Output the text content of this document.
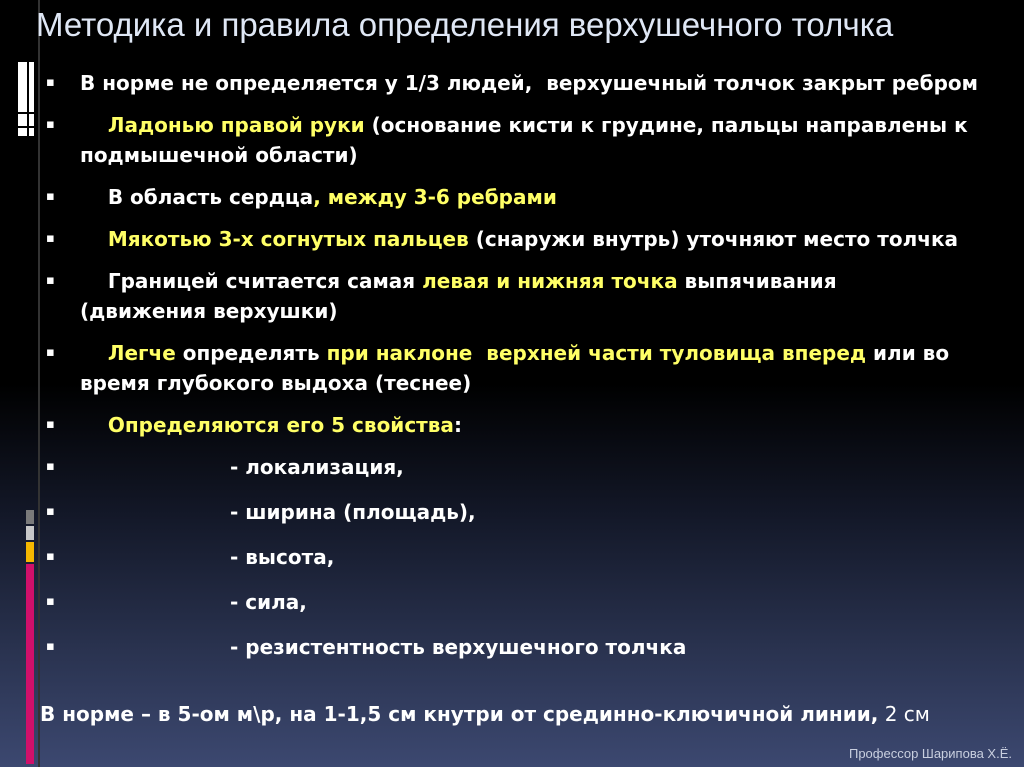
Методика и правила определения верхушечного толчка
▪ В норме не определяется у 1/3 людей,  верхушечный толчок закрыт ребром
▪	Ладонью правой руки (основание кисти к грудине, пальцы направлены к
подмышечной области)
▪ В область сердца, между 3-6 ребрами
▪	Мякотью 3-х согнутых пальцев (снаружи внутрь) уточняют место толчка
▪ Границей считается самая левая и нижняя точка выпячивания
(движения верхушки)
▪	Легче определять при наклоне  верхней части туловища вперед или во
время глубокого выдоха (теснее)
▪	Определяются его 5 свойства:
▪	- локализация,
▪	- ширина (площадь),
▪	- высота,
▪	- сила,
▪	- резистентность верхушечного толчка

В норме – в 5-ом м\р, на 1-1,5 см кнутри от срединно-ключичной линии, 2 см

Профессор Шарипова Х.Ё.
